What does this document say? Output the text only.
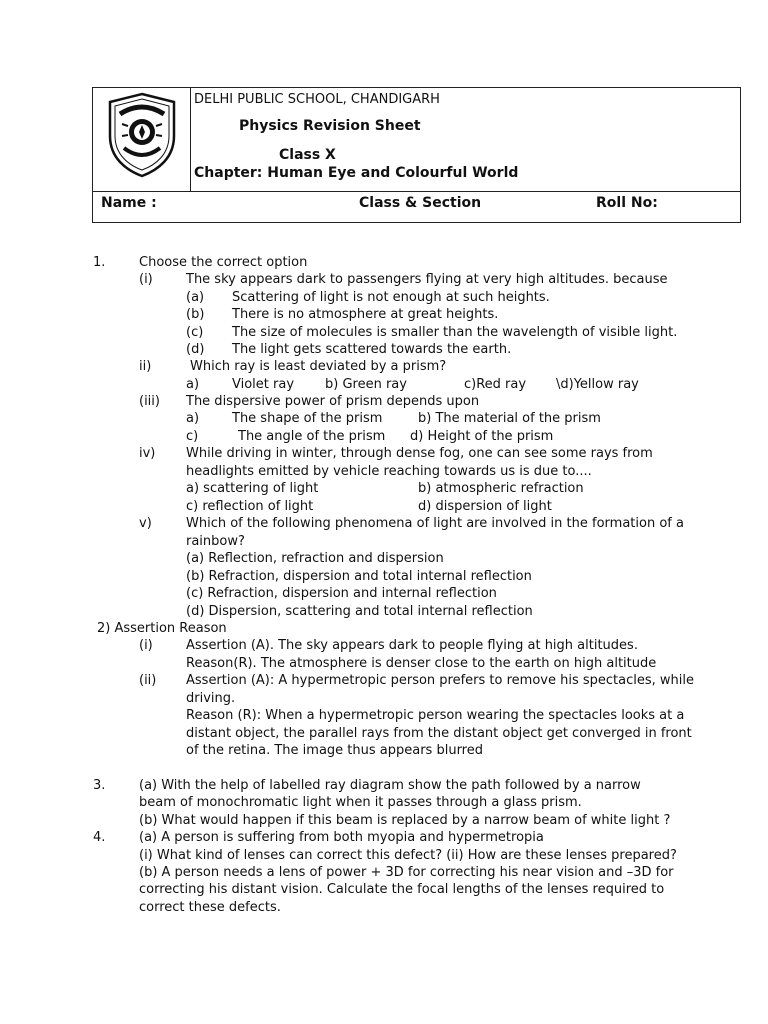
DELHI PUBLIC SCHOOL, CHANDIGARH
Physics Revision Sheet
Class X
Chapter: Human Eye and Colourful World
Name :	Class & Section	Roll No:
1.	Choose the correct option
(i)	The sky appears dark to passengers flying at very high altitudes. because
(a) Scattering of light is not enough at such heights.
(b) There is no atmosphere at great heights.
(c) The size of molecules is smaller than the wavelength of visible light.
(d) The light gets scattered towards the earth.
ii)	Which ray is least deviated by a prism?
a)	Violet ray b) Green ray	c)Red ray \d)Yellow ray
(iii) The dispersive power of prism depends upon
a)	The shape of the prism	b) The material of the prism
c)	The angle of the prism d) Height of the prism
iv) While driving in winter, through dense fog, one can see some rays from
headlights emitted by vehicle reaching towards us is due to....
a) scattering of light	b) atmospheric refraction
c) reflection of light	d) dispersion of light
v)	Which of the following phenomena of light are involved in the formation of a
rainbow?
(a) Reflection, refraction and dispersion
(b) Refraction, dispersion and total internal reflection
(c) Refraction, dispersion and internal reflection
(d) Dispersion, scattering and total internal reflection
2) Assertion Reason
(i)	Assertion (A). The sky appears dark to people flying at high altitudes.
Reason(R). The atmosphere is denser close to the earth on high altitude
(ii) Assertion (A): A hypermetropic person prefers to remove his spectacles, while
driving.
Reason (R): When a hypermetropic person wearing the spectacles looks at a
distant object, the parallel rays from the distant object get converged in front
of the retina. The image thus appears blurred
3.	(a) With the help of labelled ray diagram show the path followed by a narrow
beam of monochromatic light when it passes through a glass prism.
(b) What would happen if this beam is replaced by a narrow beam of white light ?
4.	(a) A person is suffering from both myopia and hypermetropia
(i) What kind of lenses can correct this defect? (ii) How are these lenses prepared?
(b) A person needs a lens of power + 3D for correcting his near vision and –3D for
correcting his distant vision. Calculate the focal lengths of the lenses required to
correct these defects.
